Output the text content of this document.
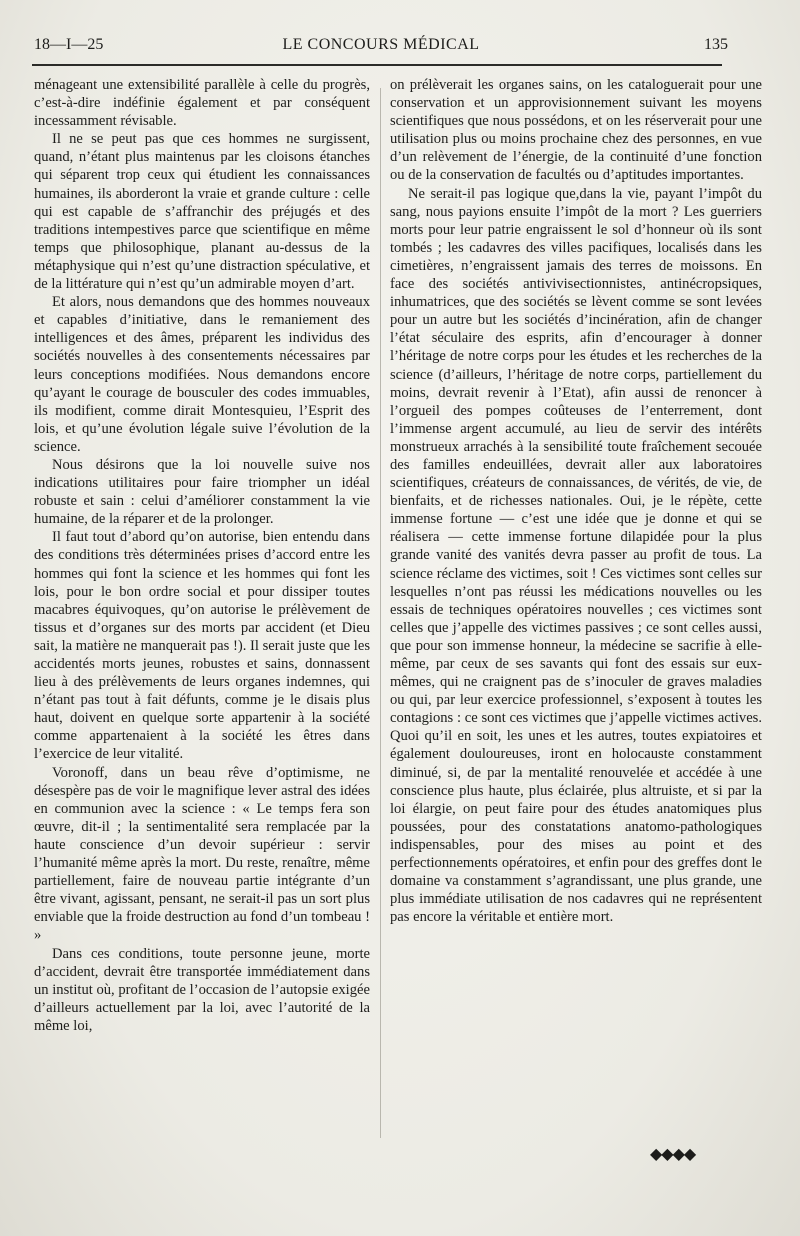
18—I—25	LE CONCOURS MÉDICAL	135

ménageant une extensibilité parallèle à celle du progrès, c’est-à-dire indéfinie également et par conséquent incessamment révisable.

Il ne se peut pas que ces hommes ne surgissent, quand, n’étant plus maintenus par les cloisons étanches qui séparent trop ceux qui étudient les connaissances humaines, ils aborderont la vraie et grande culture : celle qui est capable de s’affranchir des préjugés et des traditions intempestives parce que scientifique en même temps que philosophique, planant au-dessus de la métaphysique qui n’est qu’une distraction spéculative, et de la littérature qui n’est qu’un admirable moyen d’art.

Et alors, nous demandons que des hommes nouveaux et capables d’initiative, dans le remaniement des intelligences et des âmes, préparent les individus des sociétés nouvelles à des consentements nécessaires par leurs conceptions modifiées. Nous demandons encore qu’ayant le courage de bousculer des codes immuables, ils modifient, comme dirait Montesquieu, l’Esprit des lois, et qu’une évolution légale suive l’évolution de la science.

Nous désirons que la loi nouvelle suive nos indications utilitaires pour faire triompher un idéal robuste et sain : celui d’améliorer constamment la vie humaine, de la réparer et de la prolonger.

Il faut tout d’abord qu’on autorise, bien entendu dans des conditions très déterminées prises d’accord entre les hommes qui font la science et les hommes qui font les lois, pour le bon ordre social et pour dissiper toutes macabres équivoques, qu’on autorise le prélèvement de tissus et d’organes sur des morts par accident (et Dieu sait, la matière ne manquerait pas !). Il serait juste que les accidentés morts jeunes, robustes et sains, donnassent lieu à des prélèvements de leurs organes indemnes, qui n’étant pas tout à fait défunts, comme je le disais plus haut, doivent en quelque sorte appartenir à la société comme appartenaient à la société les êtres dans l’exercice de leur vitalité.

Voronoff, dans un beau rêve d’optimisme, ne désespère pas de voir le magnifique lever astral des idées en communion avec la science : « Le temps fera son œuvre, dit-il ; la sentimentalité sera remplacée par la haute conscience d’un devoir supérieur : servir l’humanité même après la mort. Du reste, renaître, même partiellement, faire de nouveau partie intégrante d’un être vivant, agissant, pensant, ne serait-il pas un sort plus enviable que la froide destruction au fond d’un tombeau ! »

Dans ces conditions, toute personne jeune, morte d’accident, devrait être transportée immédiatement dans un institut où, profitant de l’occasion de l’autopsie exigée d’ailleurs actuellement par la loi, avec l’autorité de la même loi,

on prélèverait les organes sains, on les cataloguerait pour une conservation et un approvisionnement suivant les moyens scientifiques que nous possédons, et on les réserverait pour une utilisation plus ou moins prochaine chez des personnes, en vue d’un relèvement de l’énergie, de la continuité d’une fonction ou de la conservation de facultés ou d’aptitudes importantes.

Ne serait-il pas logique que,dans la vie, payant l’impôt du sang, nous payions ensuite l’impôt de la mort ? Les guerriers morts pour leur patrie engraissent le sol d’honneur où ils sont tombés ; les cadavres des villes pacifiques, localisés dans les cimetières, n’engraissent jamais des terres de moissons. En face des sociétés antivivisectionnistes, antinécropsiques, inhumatrices, que des sociétés se lèvent comme se sont levées pour un autre but les sociétés d’incinération, afin de changer l’état séculaire des esprits, afin d’encourager à donner l’héritage de notre corps pour les études et les recherches de la science (d’ailleurs, l’héritage de notre corps, partiellement du moins, devrait revenir à l’Etat), afin aussi de renoncer à l’orgueil des pompes coûteuses de l’enterrement, dont l’immense argent accumulé, au lieu de servir des intérêts monstrueux arrachés à la sensibilité toute fraîchement secouée des familles endeuillées, devrait aller aux laboratoires scientifiques, créateurs de connaissances, de vérités, de vie, de bienfaits, et de richesses nationales. Oui, je le répète, cette immense fortune — c’est une idée que je donne et qui se réalisera — cette immense fortune dilapidée pour la plus grande vanité des vanités devra passer au profit de tous. La science réclame des victimes, soit ! Ces victimes sont celles sur lesquelles n’ont pas réussi les médications nouvelles ou les essais de techniques opératoires nouvelles ; ces victimes sont celles que j’appelle des victimes passives ; ce sont celles aussi, que pour son immense honneur, la médecine se sacrifie à elle-même, par ceux de ses savants qui font des essais sur eux-mêmes, qui ne craignent pas de s’inoculer de graves maladies ou qui, par leur exercice professionnel, s’exposent à toutes les contagions : ce sont ces victimes que j’appelle victimes actives. Quoi qu’il en soit, les unes et les autres, toutes expiatoires et également douloureuses, iront en holocauste constamment diminué, si, de par la mentalité renouvelée et accédée à une conscience plus haute, plus éclairée, plus altruiste, et si par la loi élargie, on peut faire pour des études anatomiques plus poussées, pour des constatations anatomo-pathologiques indispensables, pour des mises au point et des perfectionnements opératoires, et enfin pour des greffes dont le domaine va constamment s’agrandissant, une plus grande, une plus immédiate utilisation de nos cadavres qui ne représentent pas encore la véritable et entière mort.

◆◆◆◆
